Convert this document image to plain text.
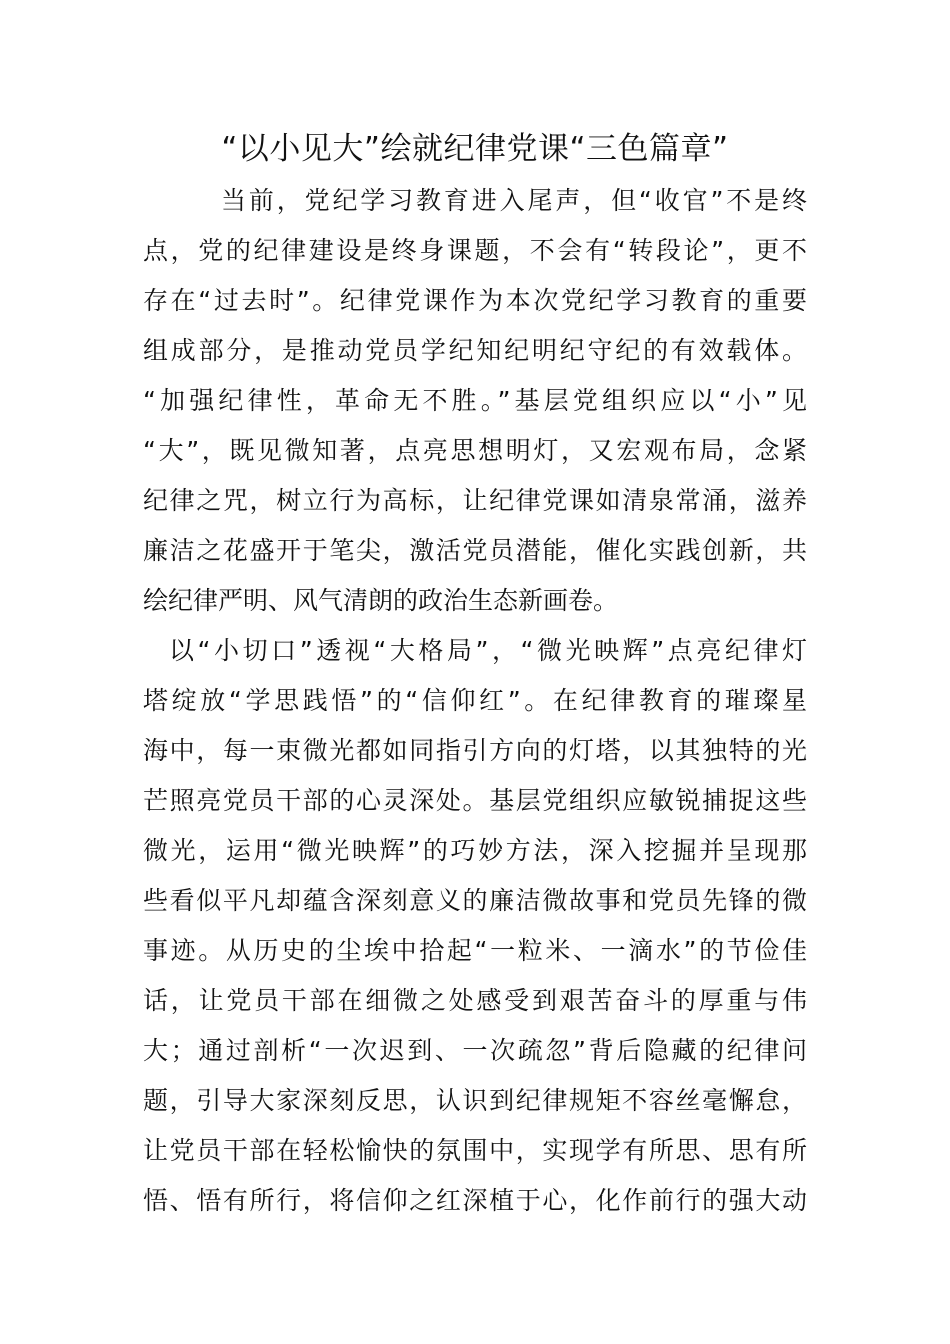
“以小见大”绘就纪律党课“三色篇章”
当前，党纪学习教育进入尾声，但“收官”不是终
点，党的纪律建设是终身课题，不会有“转段论”，更不
存在“过去时”。纪律党课作为本次党纪学习教育的重要
组成部分，是推动党员学纪知纪明纪守纪的有效载体。
“加强纪律性，革命无不胜。”基层党组织应以“小”见
“大”，既见微知著，点亮思想明灯，又宏观布局，念紧
纪律之咒，树立行为高标，让纪律党课如清泉常涌，滋养
廉洁之花盛开于笔尖，激活党员潜能，催化实践创新，共
绘纪律严明、风气清朗的政治生态新画卷。
以“小切口”透视“大格局”，“微光映辉”点亮纪律灯
塔绽放“学思践悟”的“信仰红”。在纪律教育的璀璨星
海中，每一束微光都如同指引方向的灯塔，以其独特的光
芒照亮党员干部的心灵深处。基层党组织应敏锐捕捉这些
微光，运用“微光映辉”的巧妙方法，深入挖掘并呈现那
些看似平凡却蕴含深刻意义的廉洁微故事和党员先锋的微
事迹。从历史的尘埃中拾起“一粒米、一滴水”的节俭佳
话，让党员干部在细微之处感受到艰苦奋斗的厚重与伟
大；通过剖析“一次迟到、一次疏忽”背后隐藏的纪律问
题，引导大家深刻反思，认识到纪律规矩不容丝毫懈怠，
让党员干部在轻松愉快的氛围中，实现学有所思、思有所
悟、悟有所行，将信仰之红深植于心，化作前行的强大动
